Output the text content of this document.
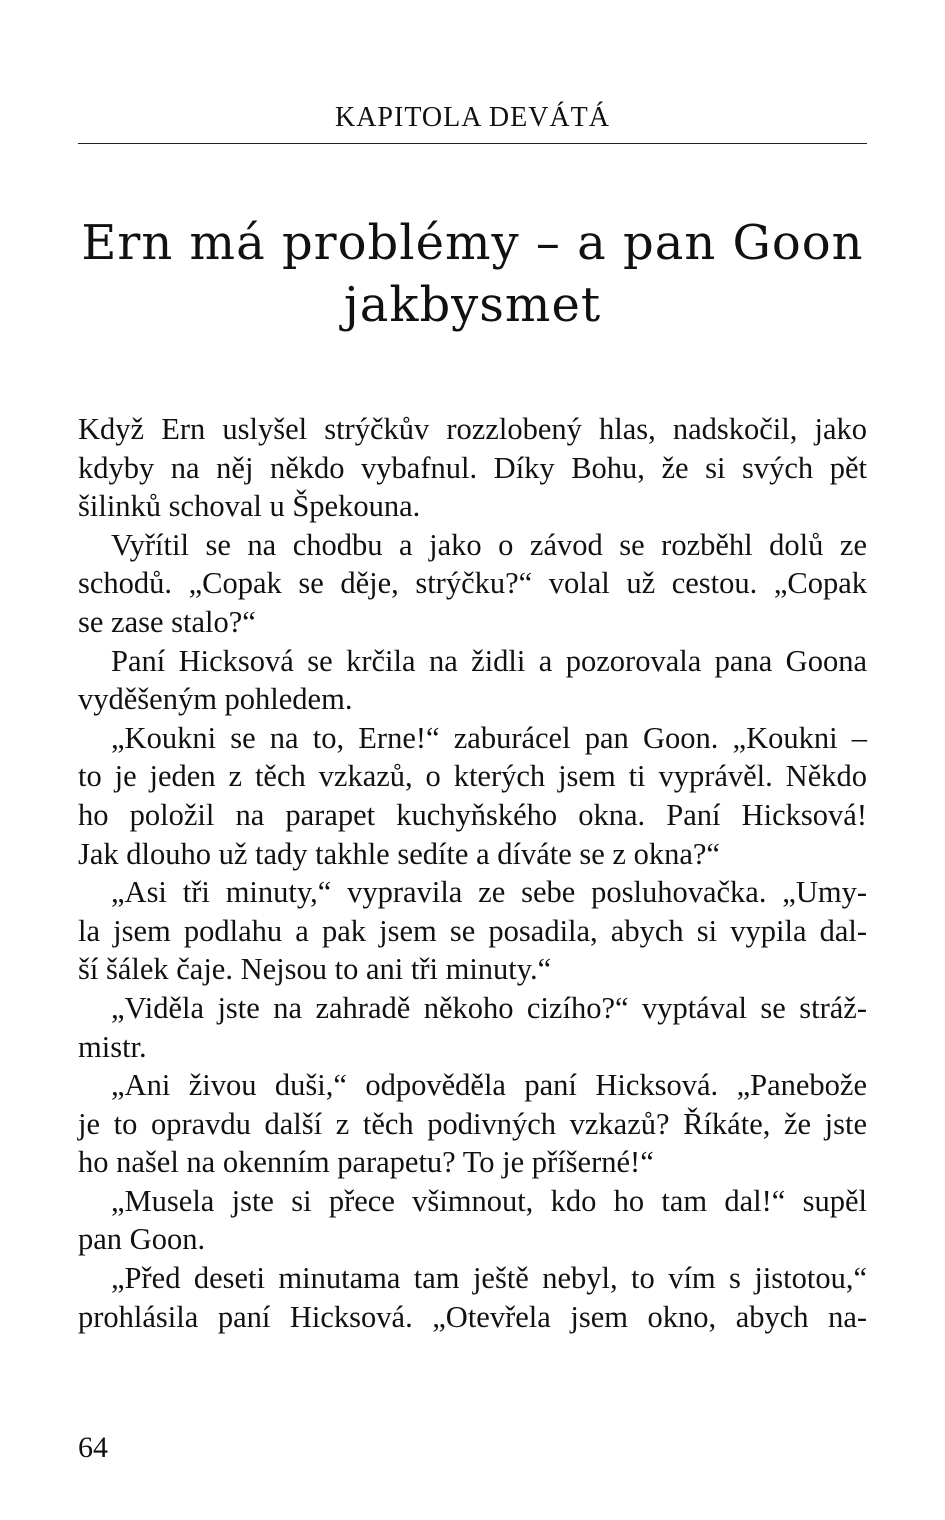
KAPITOLA DEVÁTÁ
Ern má problémy – a pan Goon
jakbysmet
Když Ern uslyšel strýčkův rozzlobený hlas, nadskočil, jako
kdyby na něj někdo vybafnul. Díky Bohu, že si svých pět
šilinků schoval u Špekouna.
Vyřítil se na chodbu a jako o závod se rozběhl dolů ze
schodů. „Copak se děje, strýčku?“ volal už cestou. „Copak
se zase stalo?“
Paní Hicksová se krčila na židli a pozorovala pana Goona
vyděšeným pohledem.
„Koukni se na to, Erne!“ zaburácel pan Goon. „Koukni –
to je jeden z těch vzkazů, o kterých jsem ti vyprávěl. Někdo
ho položil na parapet kuchyňského okna. Paní Hicksová!
Jak dlouho už tady takhle sedíte a díváte se z okna?“
„Asi tři minuty,“ vypravila ze sebe posluhovačka. „Umy-
la jsem podlahu a pak jsem se posadila, abych si vypila dal-
ší šálek čaje. Nejsou to ani tři minuty.“
„Viděla jste na zahradě někoho cizího?“ vyptával se stráž-
mistr.
„Ani živou duši,“ odpověděla paní Hicksová. „Panebože
je to opravdu další z těch podivných vzkazů? Říkáte, že jste
ho našel na okenním parapetu? To je příšerné!“
„Musela jste si přece všimnout, kdo ho tam dal!“ supěl
pan Goon.
„Před deseti minutama tam ještě nebyl, to vím s jistotou,“
prohlásila paní Hicksová. „Otevřela jsem okno, abych na-
64
